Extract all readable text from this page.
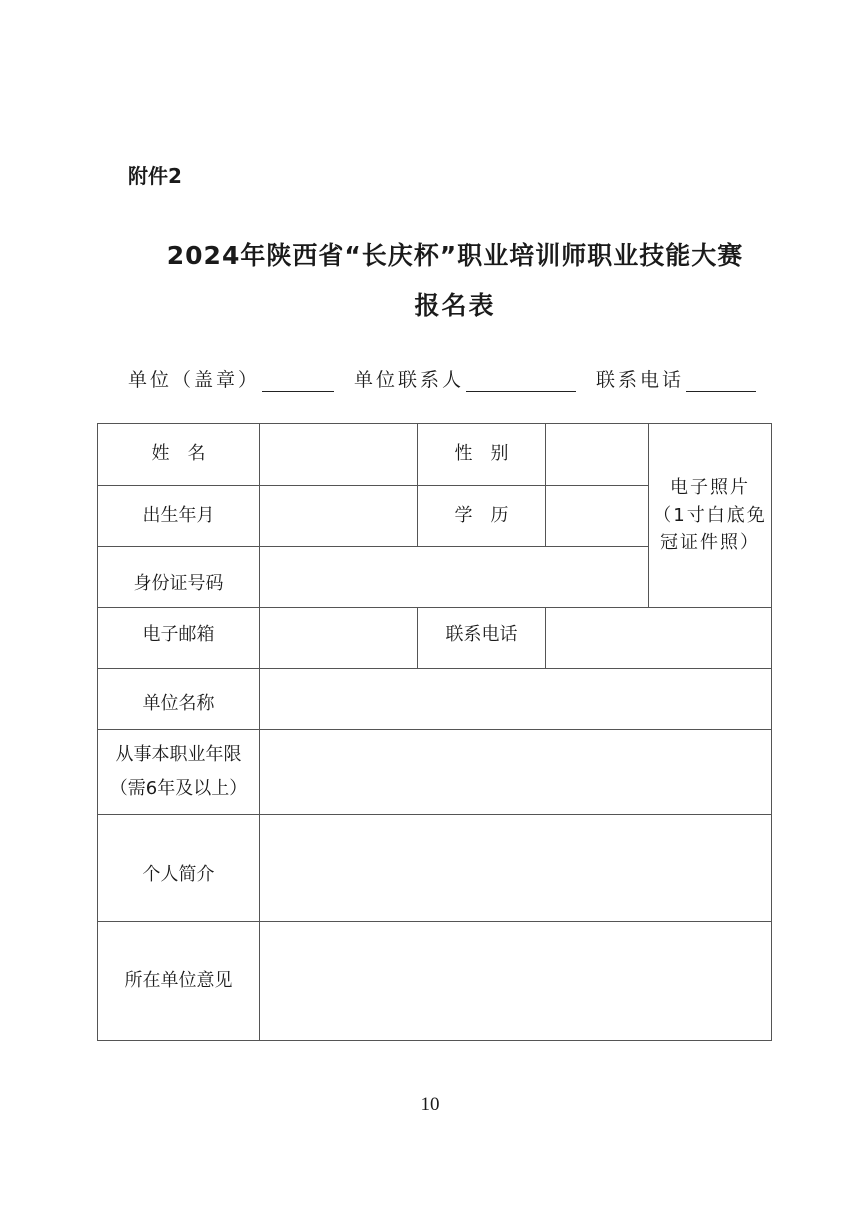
附件2
2024年陕西省“长庆杯”职业培训师职业技能大赛
报名表
单位（盖章）	单位联系人	联系电话
姓　名		性　别		电子照片
（1寸白底免冠证件照）

出生年月		学　历		
身份证号码				
电子邮箱		联系电话		
单位名称				

从事本职业年限
（需6年及以上）				

个人简介				
所在单位意见				
10
